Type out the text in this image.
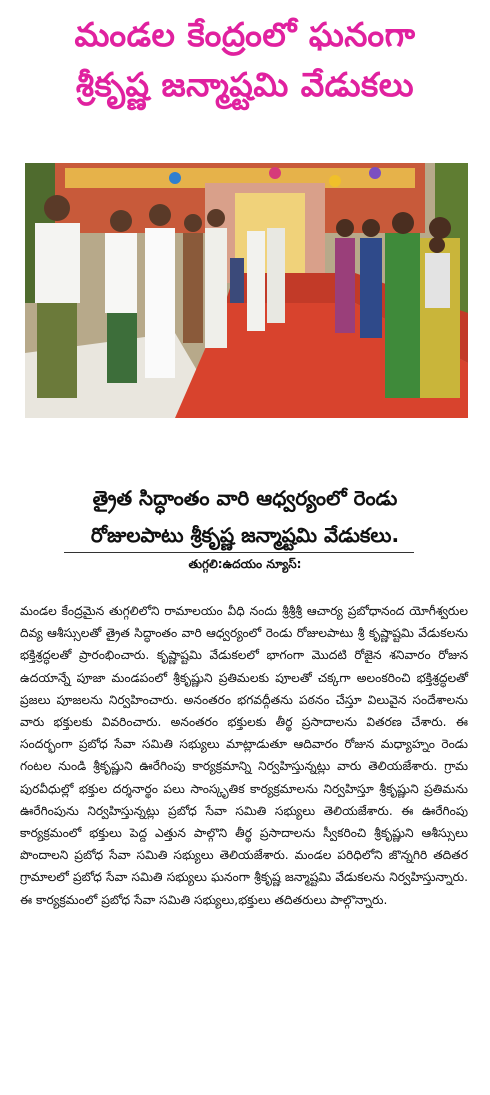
మండల కేంద్రంలో ఘనంగా
శ్రీకృష్ణ జన్మాష్టమి వేడుకలు
త్రైత సిద్ధాంతం వారి ఆధ్వర్యంలో రెండు
రోజులపాటు శ్రీకృష్ణ జన్మాష్టమి వేడుకలు.
తుగ్గలి:ఉదయం న్యూస్:
మండల కేంద్రమైన తుగ్గలిలోని రామాలయం వీధి నందు శ్రీశ్రీశ్రీ ఆచార్య ప్రబోధానంద యోగీశ్వరుల దివ్య ఆశీస్సులతో త్రైత సిద్ధాంతం వారి ఆధ్వర్యంలో రెండు రోజులపాటు శ్రీ కృష్ణాష్టమి వేడుకలను భక్తిశ్రద్ధలతో ప్రారంభించారు. కృష్ణాష్టమి వేడుకలలో భాగంగా మొదటి రోజైన శనివారం రోజున ఉదయాన్నే పూజా మండపంలో శ్రీకృష్ణుని ప్రతిమలకు పూలతో చక్కగా అలంకరించి భక్తిశ్రద్ధలతో ప్రజలు పూజలను నిర్వహించారు. అనంతరం భగవద్గీతను పఠనం చేస్తూ విలువైన సందేశాలను వారు భక్తులకు వివరించారు. అనంతరం భక్తులకు తీర్థ ప్రసాదాలను వితరణ చేశారు. ఈ సందర్భంగా ప్రబోధ సేవా సమితి సభ్యులు మాట్లాడుతూ ఆదివారం రోజున మధ్యాహ్నం రెండు గంటల నుండి శ్రీకృష్ణుని ఊరేగింపు కార్యక్రమాన్ని నిర్వహిస్తున్నట్లు వారు తెలియజేశారు. గ్రామ పురవీధుల్లో భక్తుల దర్శనార్థం పలు సాంస్కృతిక కార్యక్రమాలను నిర్వహిస్తూ శ్రీకృష్ణుని ప్రతిమను ఊరేగింపును నిర్వహిస్తున్నట్లు ప్రబోధ సేవా సమితి సభ్యులు తెలియజేశారు. ఈ ఊరేగింపు కార్యక్రమంలో భక్తులు పెద్ద ఎత్తున పాల్గొని తీర్థ ప్రసాదాలను స్వీకరించి శ్రీకృష్ణుని ఆశీస్సులు పొందాలని ప్రబోధ సేవా సమితి సభ్యులు తెలియజేశారు. మండల పరిధిలోని జొన్నగిరి తదితర గ్రామాలలో ప్రబోధ సేవా సమితి సభ్యులు ఘనంగా శ్రీకృష్ణ జన్మాష్టమి వేడుకలను నిర్వహిస్తున్నారు. ఈ కార్యక్రమంలో ప్రబోధ సేవా సమితి సభ్యులు,భక్తులు తదితరులు పాల్గొన్నారు.
